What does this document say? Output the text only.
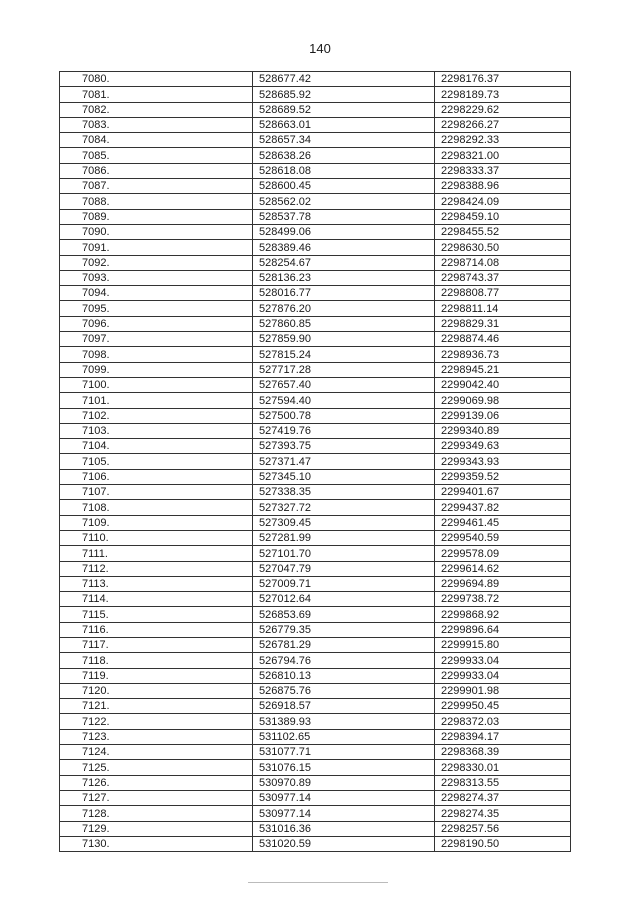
140
7080.	528677.42	2298176.37
7081.	528685.92	2298189.73
7082.	528689.52	2298229.62
7083.	528663.01	2298266.27
7084.	528657.34	2298292.33
7085.	528638.26	2298321.00
7086.	528618.08	2298333.37
7087.	528600.45	2298388.96
7088.	528562.02	2298424.09
7089.	528537.78	2298459.10
7090.	528499.06	2298455.52
7091.	528389.46	2298630.50
7092.	528254.67	2298714.08
7093.	528136.23	2298743.37
7094.	528016.77	2298808.77
7095.	527876.20	2298811.14
7096.	527860.85	2298829.31
7097.	527859.90	2298874.46
7098.	527815.24	2298936.73
7099.	527717.28	2298945.21
7100.	527657.40	2299042.40
7101.	527594.40	2299069.98
7102.	527500.78	2299139.06
7103.	527419.76	2299340.89
7104.	527393.75	2299349.63
7105.	527371.47	2299343.93
7106.	527345.10	2299359.52
7107.	527338.35	2299401.67
7108.	527327.72	2299437.82
7109.	527309.45	2299461.45
7110.	527281.99	2299540.59
7111.	527101.70	2299578.09
7112.	527047.79	2299614.62
7113.	527009.71	2299694.89
7114.	527012.64	2299738.72
7115.	526853.69	2299868.92
7116.	526779.35	2299896.64
7117.	526781.29	2299915.80
7118.	526794.76	2299933.04
7119.	526810.13	2299933.04
7120.	526875.76	2299901.98
7121.	526918.57	2299950.45
7122.	531389.93	2298372.03
7123.	531102.65	2298394.17
7124.	531077.71	2298368.39
7125.	531076.15	2298330.01
7126.	530970.89	2298313.55
7127.	530977.14	2298274.37
7128.	530977.14	2298274.35
7129.	531016.36	2298257.56
7130.	531020.59	2298190.50
